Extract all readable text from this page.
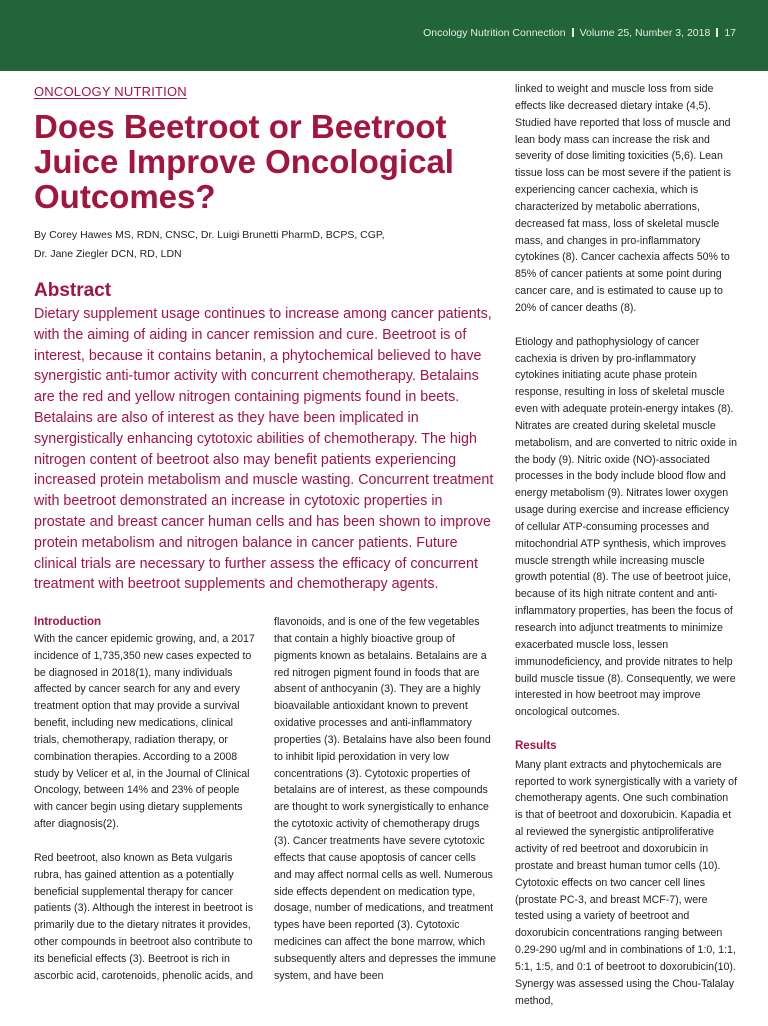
Oncology Nutrition Connection Volume 25, Number 3, 2018 17
ONCOLOGY NUTRITION
Does Beetroot or Beetroot Juice Improve Oncological Outcomes?
By Corey Hawes MS, RDN, CNSC, Dr. Luigi Brunetti PharmD, BCPS, CGP,
Dr. Jane Ziegler DCN, RD, LDN
Abstract

Dietary supplement usage continues to increase among cancer patients, with the aiming of aiding in cancer remission and cure. Beetroot is of interest, because it contains betanin, a phytochemical believed to have synergistic anti-tumor activity with concurrent chemotherapy. Betalains are the red and yellow nitrogen containing pigments found in beets. Betalains are also of interest as they have been implicated in synergistically enhancing cytotoxic abilities of chemotherapy. The high nitrogen content of beetroot also may benefit patients experiencing increased protein metabolism and muscle wasting. Concurrent treatment with beetroot demonstrated an increase in cytotoxic properties in prostate and breast cancer human cells and has been shown to improve protein metabolism and nitrogen balance in cancer patients. Future clinical trials are necessary to further assess the efficacy of concurrent treatment with beetroot supplements and chemotherapy agents.

Introduction

With the cancer epidemic growing, and, a 2017 incidence of 1,735,350 new cases expected to be diagnosed in 2018(1), many individuals affected by cancer search for any and every treatment option that may provide a survival benefit, including new medications, clinical trials, chemotherapy, radiation therapy, or combination therapies. According to a 2008 study by Velicer et al, in the Journal of Clinical Oncology, between 14% and 23% of people with cancer begin using dietary supplements after diagnosis(2).

Red beetroot, also known as Beta vulgaris rubra, has gained attention as a potentially beneficial supplemental therapy for cancer patients (3). Although the interest in beetroot is primarily due to the dietary nitrates it provides, other compounds in beetroot also contribute to its beneficial effects (3). Beetroot is rich in ascorbic acid, carotenoids, phenolic acids, and

flavonoids, and is one of the few vegetables that contain a highly bioactive group of pigments known as betalains. Betalains are a red nitrogen pigment found in foods that are absent of anthocyanin (3). They are a highly bioavailable antioxidant known to prevent oxidative processes and anti-inflammatory properties (3). Betalains have also been found to inhibit lipid peroxidation in very low concentrations (3). Cytotoxic properties of betalains are of interest, as these compounds are thought to work synergistically to enhance the cytotoxic activity of chemotherapy drugs (3). Cancer treatments have severe cytotoxic effects that cause apoptosis of cancer cells and may affect normal cells as well. Numerous side effects dependent on medication type, dosage, number of medications, and treatment types have been reported (3). Cytotoxic medicines can affect the bone marrow, which subsequently alters and depresses the immune system, and have been

linked to weight and muscle loss from side effects like decreased dietary intake (4,5). Studied have reported that loss of muscle and lean body mass can increase the risk and severity of dose limiting toxicities (5,6). Lean tissue loss can be most severe if the patient is experiencing cancer cachexia, which is characterized by metabolic aberrations, decreased fat mass, loss of skeletal muscle mass, and changes in pro-inflammatory cytokines (8). Cancer cachexia affects 50% to 85% of cancer patients at some point during cancer care, and is estimated to cause up to 20% of cancer deaths (8).

Etiology and pathophysiology of cancer cachexia is driven by pro-inflammatory cytokines initiating acute phase protein response, resulting in loss of skeletal muscle even with adequate protein-energy intakes (8). Nitrates are created during skeletal muscle metabolism, and are converted to nitric oxide in the body (9). Nitric oxide (NO)-associated processes in the body include blood flow and energy metabolism (9). Nitrates lower oxygen usage during exercise and increase efficiency of cellular ATP-consuming processes and mitochondrial ATP synthesis, which improves muscle strength while increasing muscle growth potential (8). The use of beetroot juice, because of its high nitrate content and anti-inflammatory properties, has been the focus of research into adjunct treatments to minimize exacerbated muscle loss, lessen immunodeficiency, and provide nitrates to help build muscle tissue (8). Consequently, we were interested in how beetroot may improve oncological outcomes.

Results

Many plant extracts and phytochemicals are reported to work synergistically with a variety of chemotherapy agents. One such combination is that of beetroot and doxorubicin. Kapadia et al reviewed the synergistic antiproliferative activity of red beetroot and doxorubicin in prostate and breast human tumor cells (10). Cytotoxic effects on two cancer cell lines (prostate PC-3, and breast MCF-7), were tested using a variety of beetroot and doxorubicin concentrations ranging between 0.29-290 ug/ml and in combinations of 1:0, 1:1, 5:1, 1:5, and 0:1 of beetroot to doxorubicin(10). Synergy was assessed using the Chou-Talalay method,
